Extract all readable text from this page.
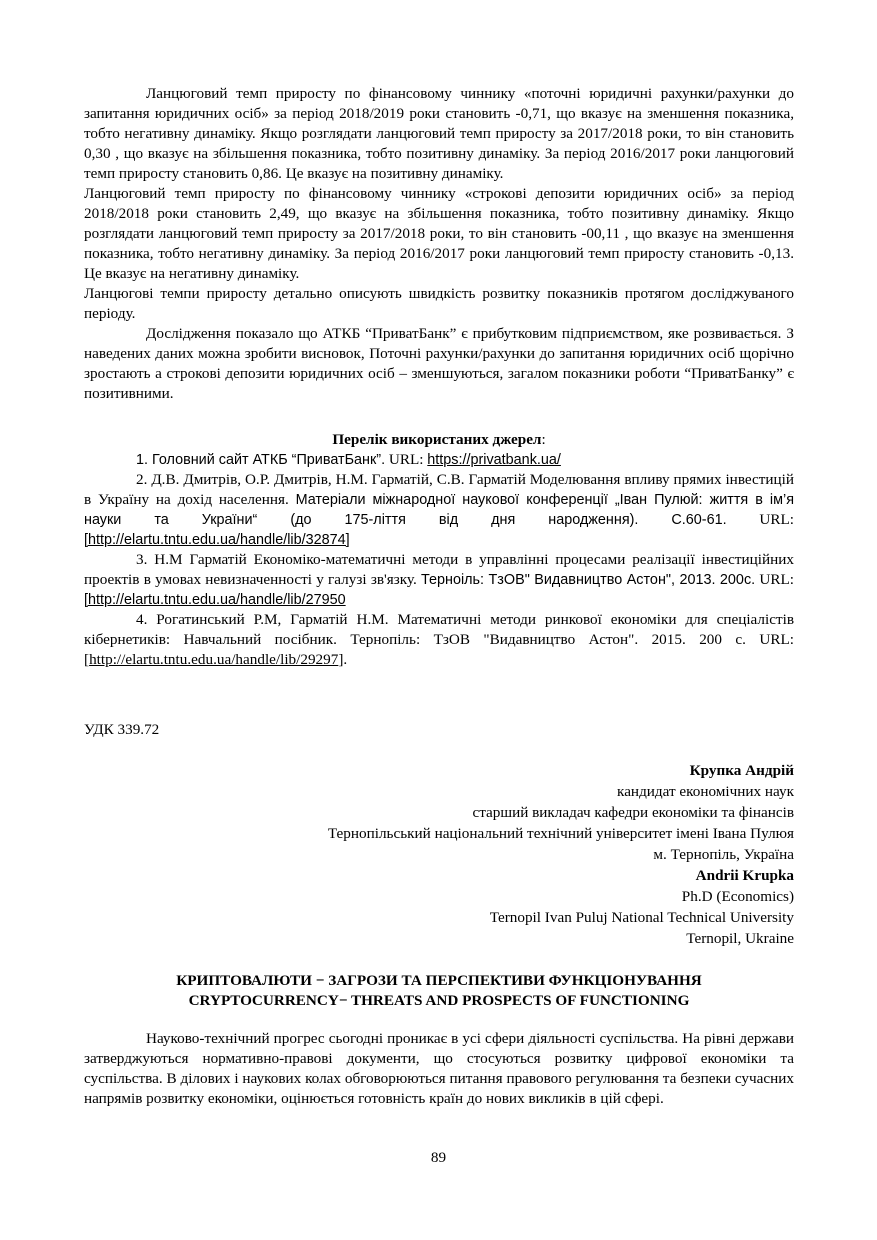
Ланцюговий темп приросту по фінансовому чиннику «поточні юридичні рахунки/рахунки до запитання юридичних осіб» за період 2018/2019 роки становить -0,71, що вказує на зменшення показника, тобто негативну динаміку. Якщо розглядати ланцюговий темп приросту за 2017/2018 роки, то він становить 0,30 , що вказує на збільшення показника, тобто позитивну динаміку. За період 2016/2017 роки ланцюговий темп приросту становить 0,86. Це вказує на позитивну динаміку.

Ланцюговий темп приросту по фінансовому чиннику «строкові депозити юридичних осіб» за період 2018/2018 роки становить 2,49, що вказує на збільшення показника, тобто позитивну динаміку. Якщо розглядати ланцюговий темп приросту за 2017/2018 роки, то він становить -00,11 , що вказує на зменшення показника, тобто негативну динаміку. За період 2016/2017 роки ланцюговий темп приросту становить -0,13. Це вказує на негативну динаміку.

Ланцюгові темпи приросту детально описують швидкість розвитку показників протягом досліджуваного періоду.

Дослідження показало що АТКБ “ПриватБанк” є прибутковим підприємством, яке розвивається. З наведених даних можна зробити висновок, Поточні рахунки/рахунки до запитання юридичних осіб щорічно зростають а строкові депозити юридичних осіб – зменшуються, загалом показники роботи “ПриватБанку” є позитивними.

Перелік використаних джерел:

1. Головний сайт АТКБ “ПриватБанк”. URL: https://privatbank.ua/

2. Д.В. Дмитрів, О.Р. Дмитрів, Н.М. Гарматій, С.В. Гарматій Моделювання впливу прямих інвестицій в Україну на дохід населення. Матеріали міжнародної наукової конференції „Іван Пулюй: життя в ім’я науки та України“ (до 175-ліття від дня народження). С.60-61. URL: [http://elartu.tntu.edu.ua/handle/lib/32874]

3. Н.М Гарматій Економіко-математичні методи в управлінні процесами реалізації інвестиційних проектів в умовах невизначенності у галузі зв'язку. Терноіль: ТзОВ" Видавництво Астон", 2013. 200с. URL: [http://elartu.tntu.edu.ua/handle/lib/27950

4. Рогатинський Р.М, Гарматій Н.М. Математичні методи ринкової економіки для спеціалістів кібернетиків: Навчальний посібник. Тернопіль: ТзОВ "Видавництво Астон". 2015. 200 с. URL: [http://elartu.tntu.edu.ua/handle/lib/29297].

УДК 339.72
Крупка Андрій
кандидат економічних наук
старший викладач кафедри економіки та фінансів
Тернопільський національний технічний університет імені Івана Пулюя
м. Тернопіль, Україна
Andrii Krupka
Ph.D (Economics)
Ternopil Ivan Puluj National Technical University
Ternopil, Ukraine
КРИПТОВАЛЮТИ − ЗАГРОЗИ ТА ПЕРСПЕКТИВИ ФУНКЦІОНУВАННЯ
CRYPTOCURRENCY− THREATS AND PROSPECTS OF FUNCTIONING

Науково-технічний прогрес сьогодні проникає в усі сфери діяльності суспільства. На рівні держави затверджуються нормативно-правові документи, що стосуються розвитку цифрової економіки та суспільства. В ділових і наукових колах обговорюються питання правового регулювання та безпеки сучасних напрямів розвитку економіки, оцінюється готовність країн до нових викликів в цій сфері.

89
